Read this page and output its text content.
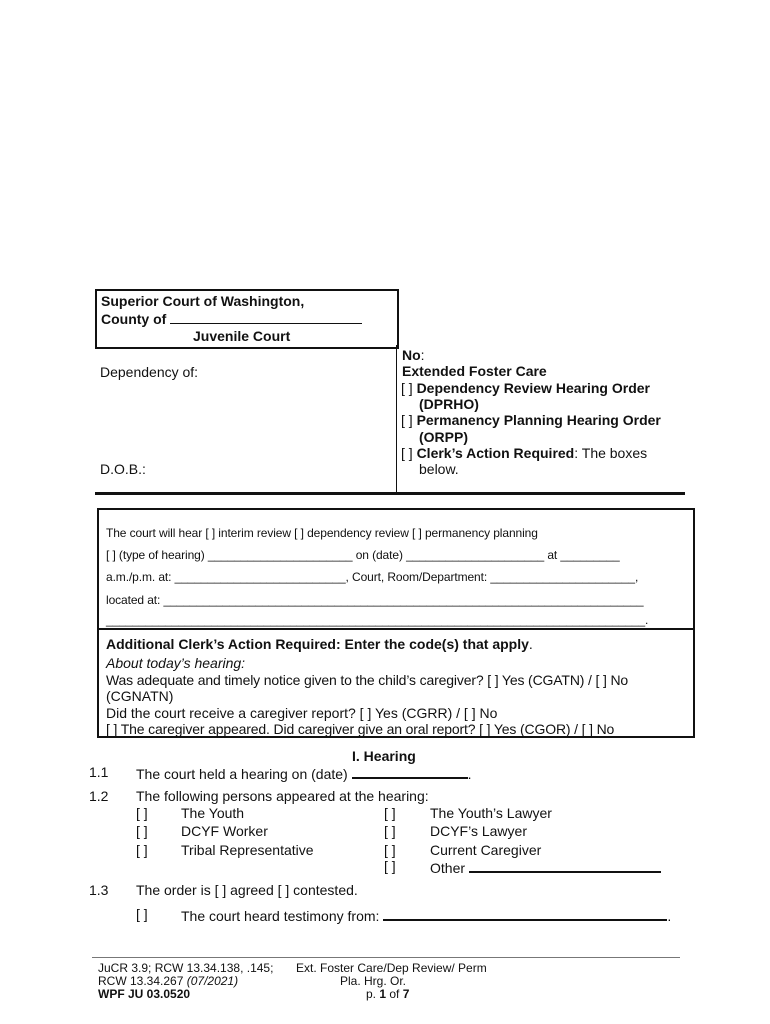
Superior Court of Washington,
County of
Juvenile Court
Dependency of:
D.O.B.:
No:
Extended Foster Care
[ ] Dependency Review Hearing Order
(DPRHO)
[ ] Permanency Planning Hearing Order
(ORPP)
[ ] Clerk’s Action Required: The boxes
below.
The court will hear [ ] interim review [ ] dependency review [ ] permanency planning
[ ] (type of hearing) ______________________ on (date) _____________________ at _________
a.m./p.m. at: __________________________, Court, Room/Department: ______________________,
located at: _________________________________________________________________________
__________________________________________________________________________________.
Additional Clerk’s Action Required: Enter the code(s) that apply.
About today’s hearing:
Was adequate and timely notice given to the child’s caregiver? [ ] Yes (CGATN) / [ ] No
(CGNATN)
Did the court receive a caregiver report? [ ] Yes (CGRR) / [ ] No
[ ] The caregiver appeared. Did caregiver give an oral report? [ ] Yes (CGOR) / [ ] No
I. Hearing
1.1 The court held a hearing on (date)	.
1.2 The following persons appeared at the hearing:
[ ] The Youth
[ ] DCYF Worker
[ ] Tribal Representative
[ ] The Youth’s Lawyer
[ ] DCYF’s Lawyer
[ ] Current Caregiver
[ ] Other
1.3 The order is [ ] agreed [ ] contested.
[ ] The court heard testimony from:	.
JuCR 3.9; RCW 13.34.138, .145;
RCW 13.34.267 (07/2021)
WPF JU 03.0520
Ext. Foster Care/Dep Review/ Perm
Pla. Hrg. Or.
p. 1 of 7
